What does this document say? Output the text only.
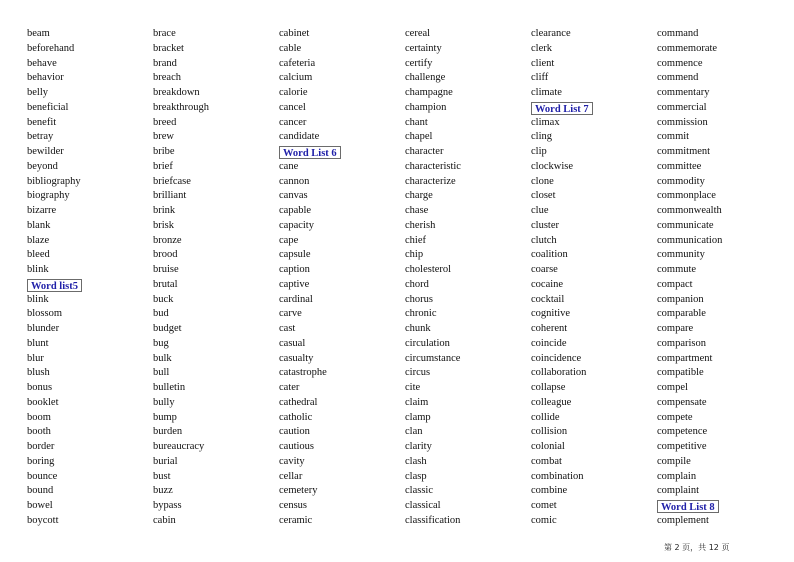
beam
beforehand
behave
behavior
belly
beneficial
benefit
betray
bewilder
beyond
bibliography
biography
bizarre
blank
blaze
bleed
blink
Word list5
blink
blossom
blunder
blunt
blur
blush
bonus
booklet
boom
booth
border
boring
bounce
bound
bowel
boycott
brace
bracket
brand
breach
breakdown
breakthrough
breed
brew
bribe
brief
briefcase
brilliant
brink
brisk
bronze
brood
bruise
brutal
buck
bud
budget
bug
bulk
bull
bulletin
bully
bump
burden
bureaucracy
burial
bust
buzz
bypass
cabin
cabinet
cable
cafeteria
calcium
calorie
cancel
cancer
candidate
Word List 6
cane
cannon
canvas
capable
capacity
cape
capsule
caption
captive
cardinal
carve
cast
casual
casualty
catastrophe
cater
cathedral
catholic
caution
cautious
cavity
cellar
cemetery
census
ceramic
cereal
certainty
certify
challenge
champagne
champion
chant
chapel
character
characteristic
characterize
charge
chase
cherish
chief
chip
cholesterol
chord
chorus
chronic
chunk
circulation
circumstance
circus
cite
claim
clamp
clan
clarity
clash
clasp
classic
classical
classification
clearance
clerk
client
cliff
climate
Word List 7
climax
cling
clip
clockwise
clone
closet
clue
cluster
clutch
coalition
coarse
cocaine
cocktail
cognitive
coherent
coincide
coincidence
collaboration
collapse
colleague
collide
collision
colonial
combat
combination
combine
comet
comic
command
commemorate
commence
commend
commentary
commercial
commission
commit
commitment
committee
commodity
commonplace
commonwealth
communicate
communication
community
commute
compact
companion
comparable
compare
comparison
compartment
compatible
compel
compensate
compete
competence
competitive
compile
complain
complaint
Word List 8
complement
第 2 页，共 12 页
